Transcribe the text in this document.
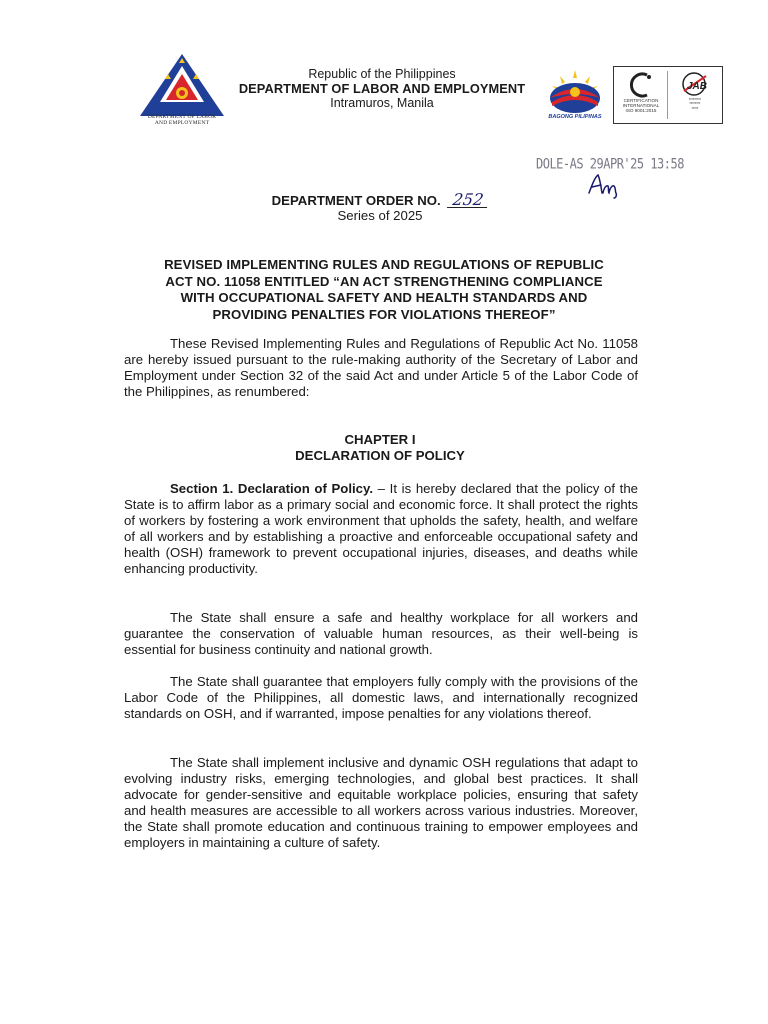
DEPARTMENT OF LABOR
AND EMPLOYMENT
Republic of the Philippines
DEPARTMENT OF LABOR AND EMPLOYMENT
Intramuros, Manila
BAGONG PILIPINAS
CERTIFICATION
INTERNATIONAL
ISO 9001:2015
JAB
▪▪▪▪▪▪▪▪▪
▪▪▪▪▪▪▪▪
▪▪▪▪▪
DOLE-AS 29APR'25 13:58
DEPARTMENT ORDER NO. 252
Series of 2025
REVISED IMPLEMENTING RULES AND REGULATIONS OF REPUBLIC
ACT NO. 11058 ENTITLED “AN ACT STRENGTHENING COMPLIANCE
WITH OCCUPATIONAL SAFETY AND HEALTH STANDARDS AND
PROVIDING PENALTIES FOR VIOLATIONS THEREOF”
These Revised Implementing Rules and Regulations of Republic Act No. 11058 are hereby issued pursuant to the rule-making authority of the Secretary of Labor and Employment under Section 32 of the said Act and under Article 5 of the Labor Code of the Philippines, as renumbered:
CHAPTER I
DECLARATION OF POLICY
Section 1. Declaration of Policy. – It is hereby declared that the policy of the State is to affirm labor as a primary social and economic force. It shall protect the rights of workers by fostering a work environment that upholds the safety, health, and welfare of all workers and by establishing a proactive and enforceable occupational safety and health (OSH) framework to prevent occupational injuries, diseases, and deaths while enhancing productivity.
The State shall ensure a safe and healthy workplace for all workers and guarantee the conservation of valuable human resources, as their well-being is essential for business continuity and national growth.
The State shall guarantee that employers fully comply with the provisions of the Labor Code of the Philippines, all domestic laws, and internationally recognized standards on OSH, and if warranted, impose penalties for any violations thereof.
The State shall implement inclusive and dynamic OSH regulations that adapt to evolving industry risks, emerging technologies, and global best practices. It shall advocate for gender-sensitive and equitable workplace policies, ensuring that safety and health measures are accessible to all workers across various industries. Moreover, the State shall promote education and continuous training to empower employees and employers in maintaining a culture of safety.
